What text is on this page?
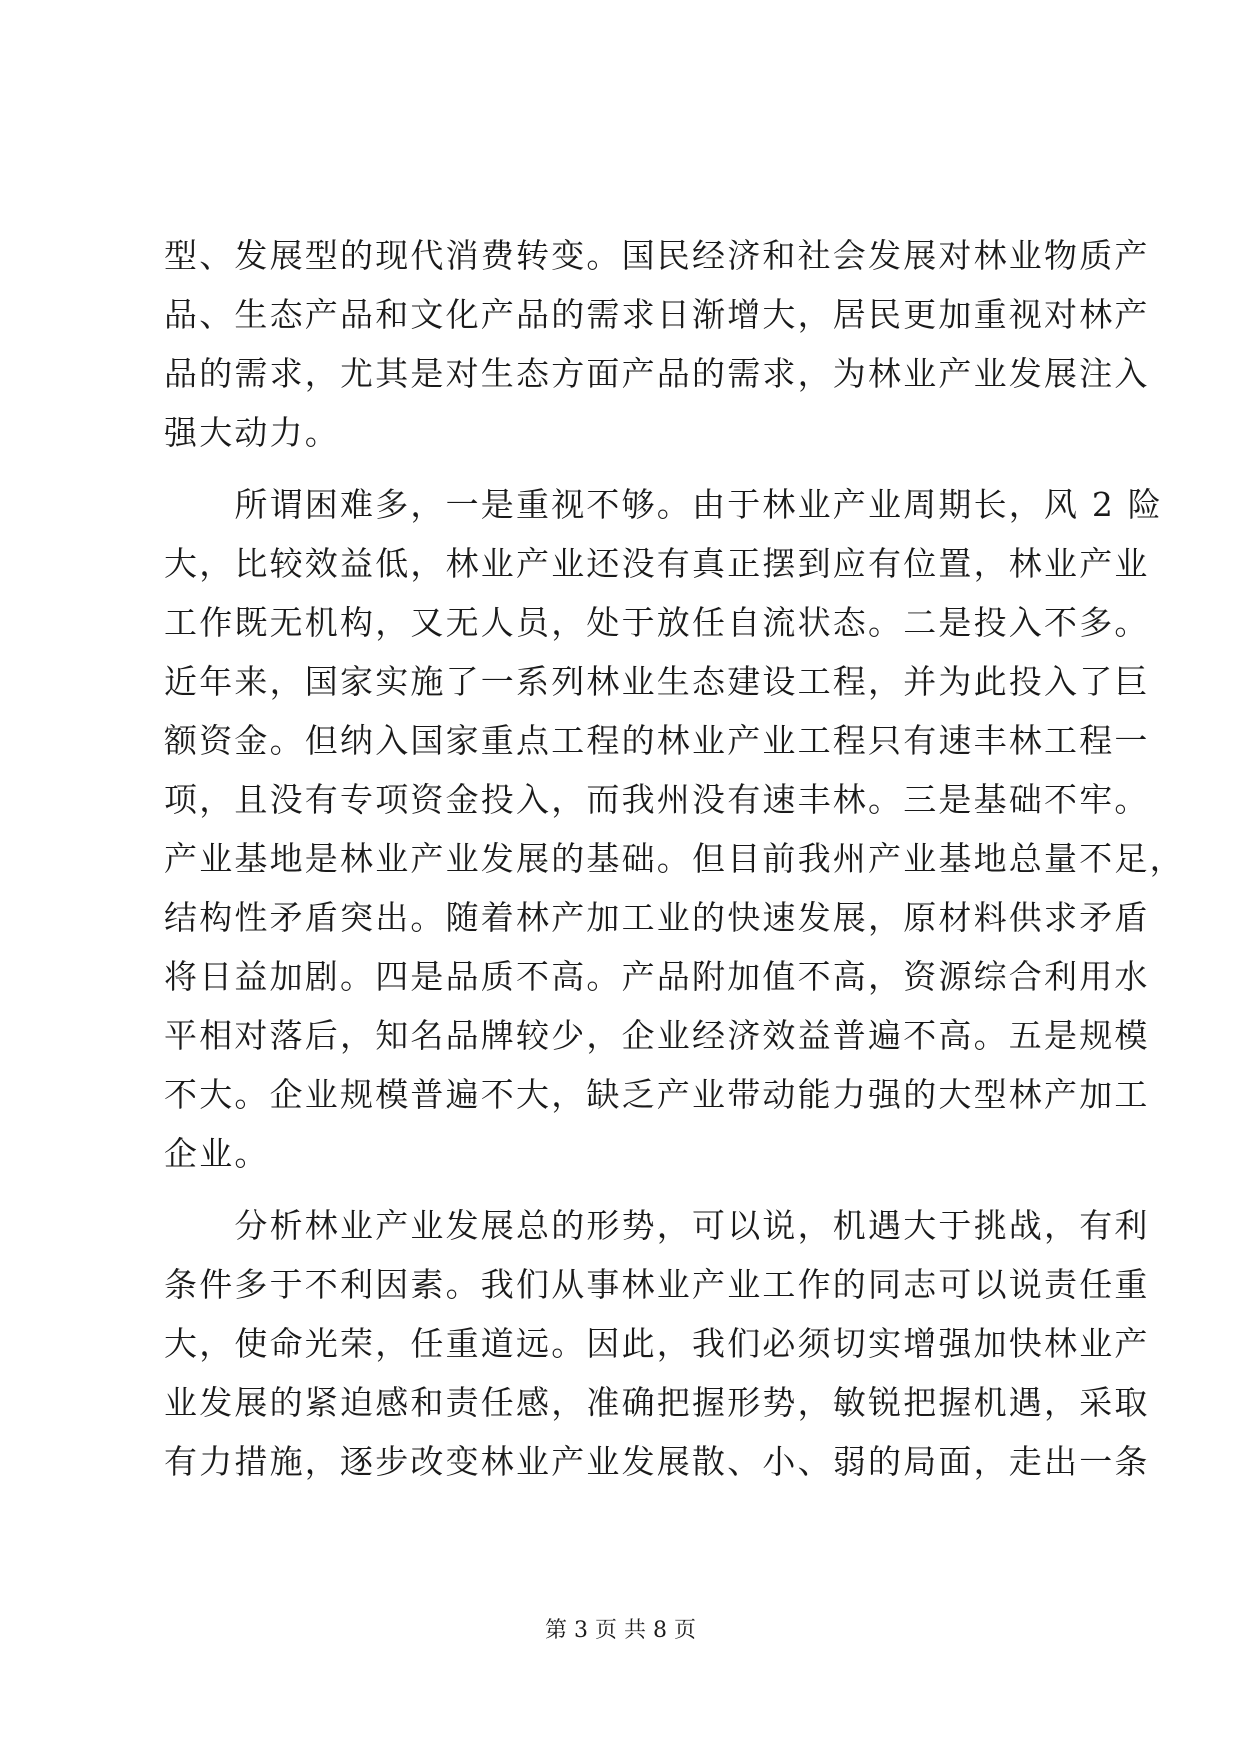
型、发展型的现代消费转变。国民经济和社会发展对林业物质产
品、生态产品和文化产品的需求日渐增大，居民更加重视对林产
品的需求，尤其是对生态方面产品的需求，为林业产业发展注入
强大动力。
　　所谓困难多，一是重视不够。由于林业产业周期长，风 2 险
大，比较效益低，林业产业还没有真正摆到应有位置，林业产业
工作既无机构，又无人员，处于放任自流状态。二是投入不多。
近年来，国家实施了一系列林业生态建设工程，并为此投入了巨
额资金。但纳入国家重点工程的林业产业工程只有速丰林工程一
项，且没有专项资金投入，而我州没有速丰林。三是基础不牢。
产业基地是林业产业发展的基础。但目前我州产业基地总量不足，
结构性矛盾突出。随着林产加工业的快速发展，原材料供求矛盾
将日益加剧。四是品质不高。产品附加值不高，资源综合利用水
平相对落后，知名品牌较少，企业经济效益普遍不高。五是规模
不大。企业规模普遍不大，缺乏产业带动能力强的大型林产加工
企业。
　　分析林业产业发展总的形势，可以说，机遇大于挑战，有利
条件多于不利因素。我们从事林业产业工作的同志可以说责任重
大，使命光荣，任重道远。因此，我们必须切实增强加快林业产
业发展的紧迫感和责任感，准确把握形势，敏锐把握机遇，采取
有力措施，逐步改变林业产业发展散、小、弱的局面，走出一条
第 3 页 共 8 页
